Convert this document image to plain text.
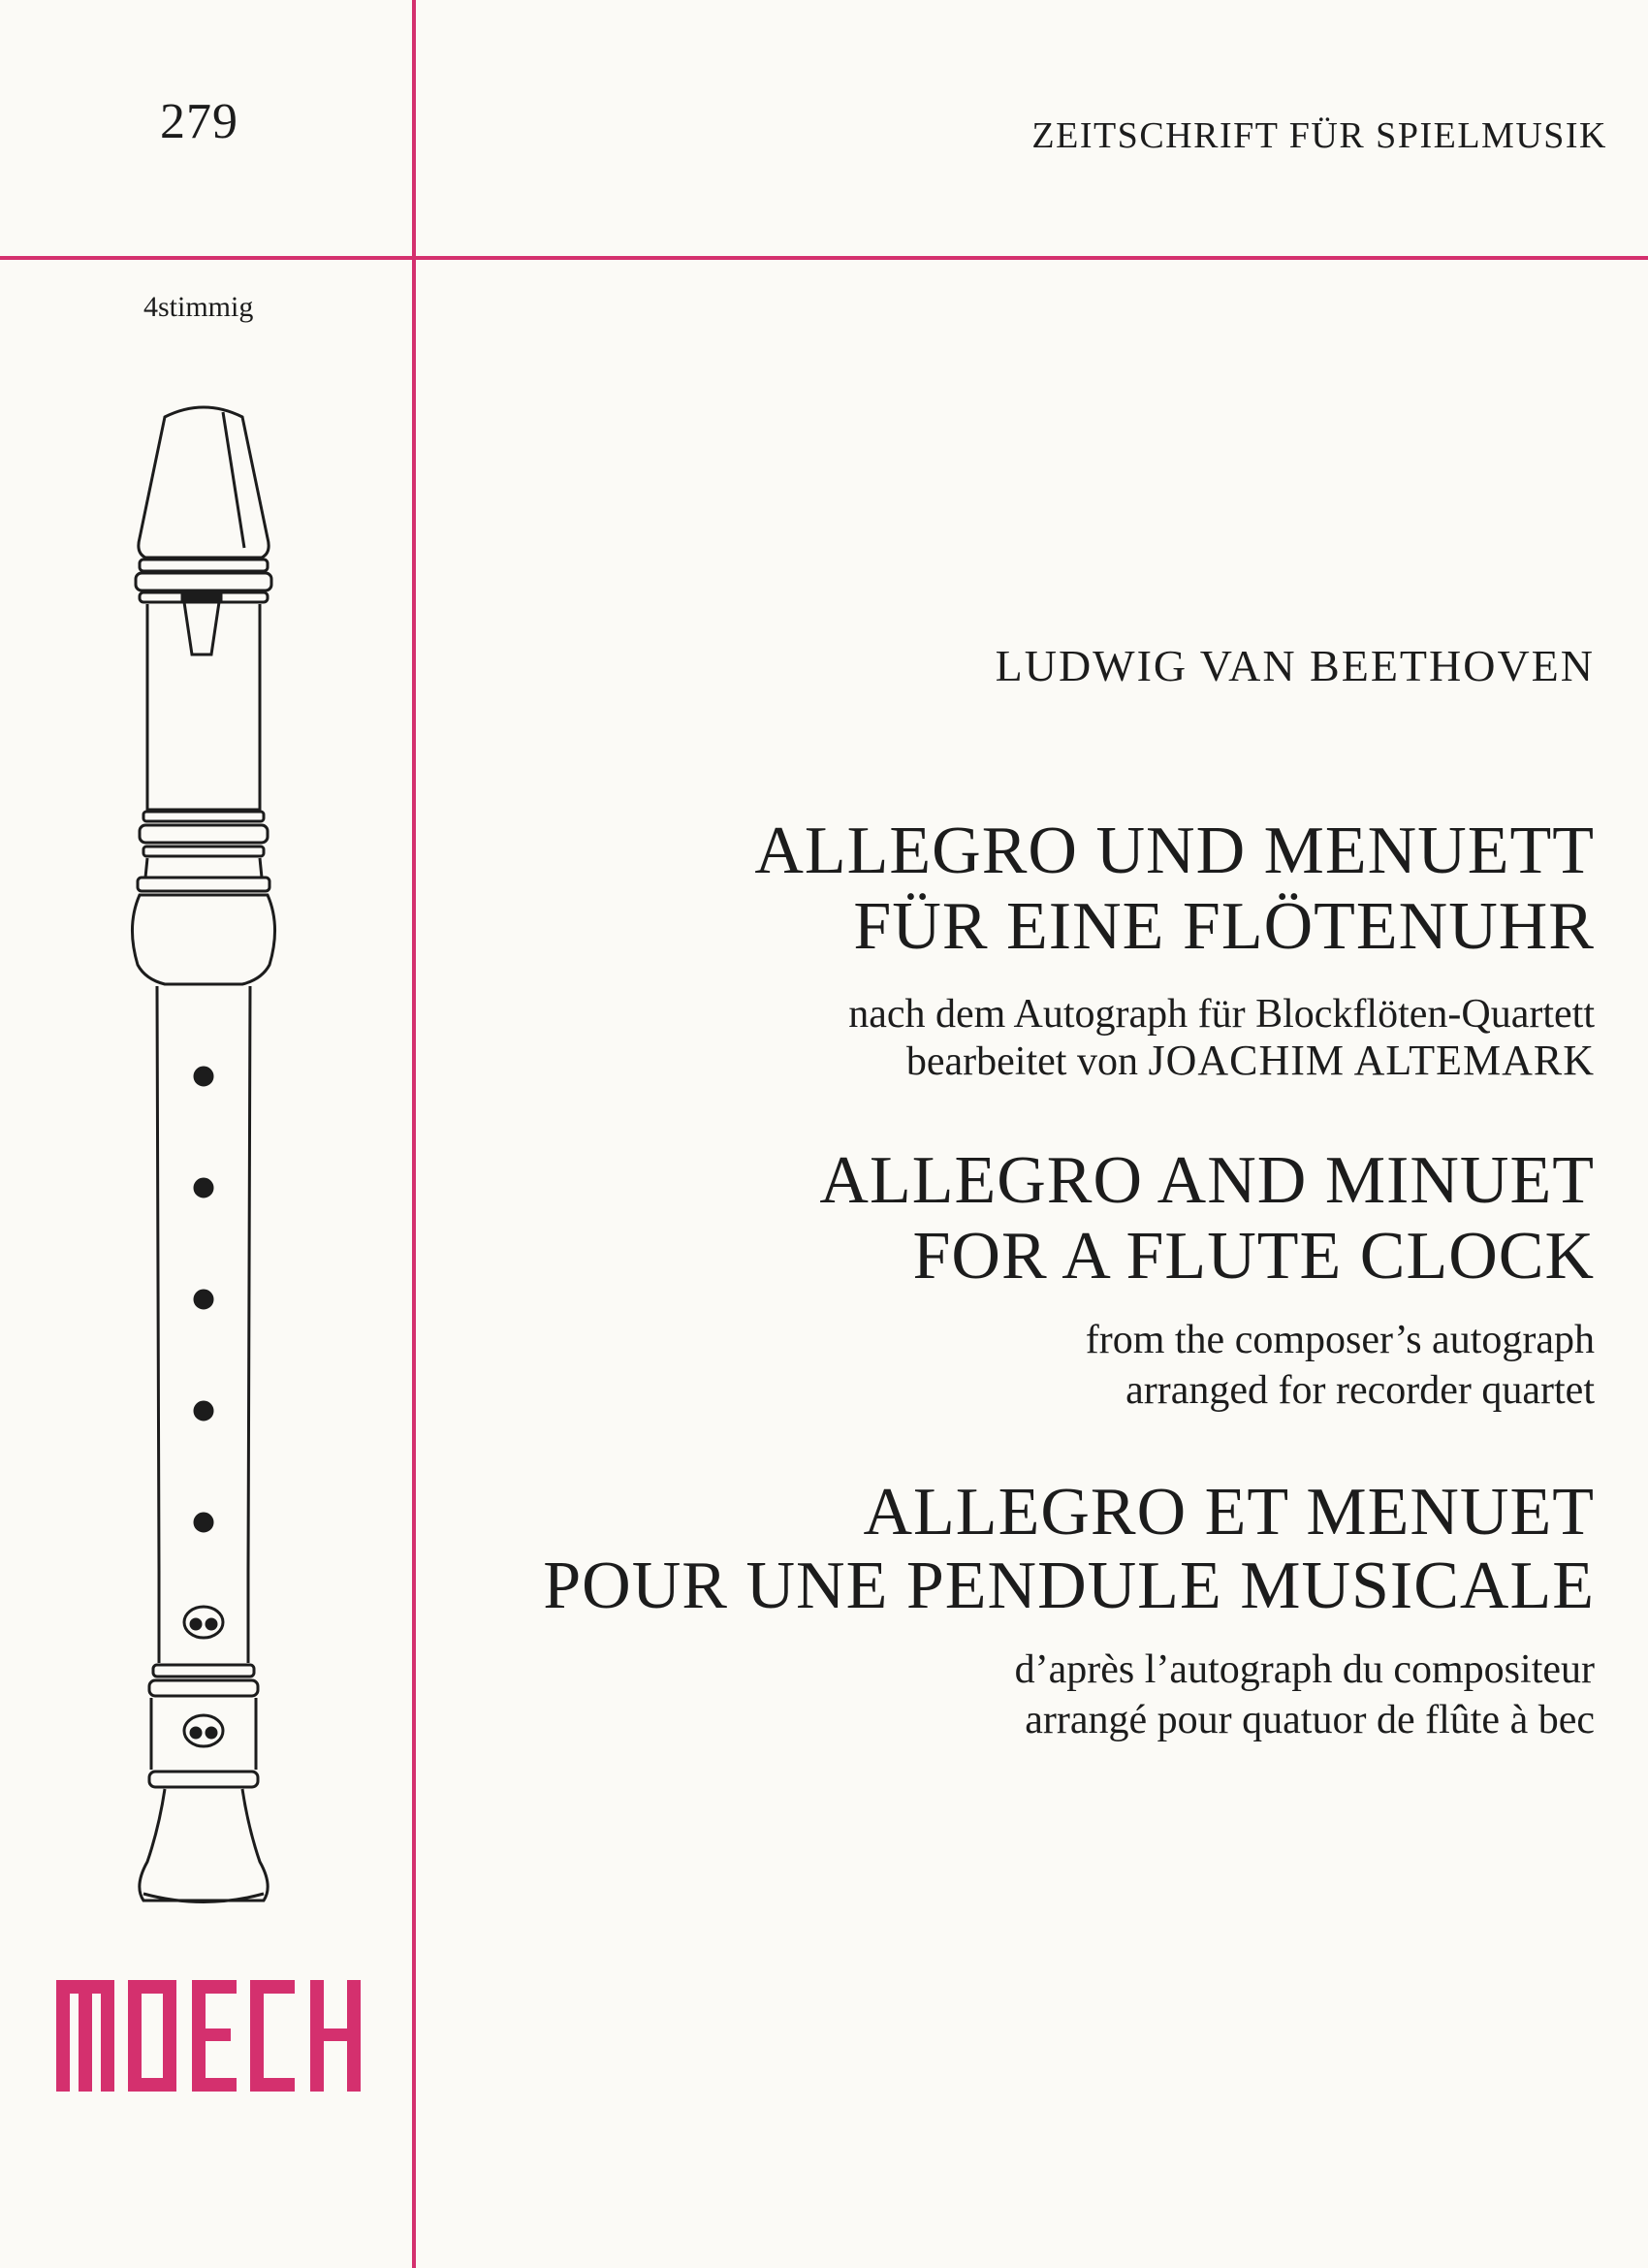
279	ZEITSCHRIFT FÜR SPIELMUSIK
4stimmig
LUDWIG VAN BEETHOVEN
ALLEGRO UND MENUETT
FÜR EINE FLÖTENUHR
nach dem Autograph für Blockflöten-Quartett
bearbeitet von JOACHIM ALTEMARK
ALLEGRO AND MINUET
FOR A FLUTE CLOCK
from the composer’s autograph
arranged for recorder quartet
ALLEGRO ET MENUET
POUR UNE PENDULE MUSICALE
d’après l’autograph du compositeur
arrangé pour quatuor de flûte à bec
